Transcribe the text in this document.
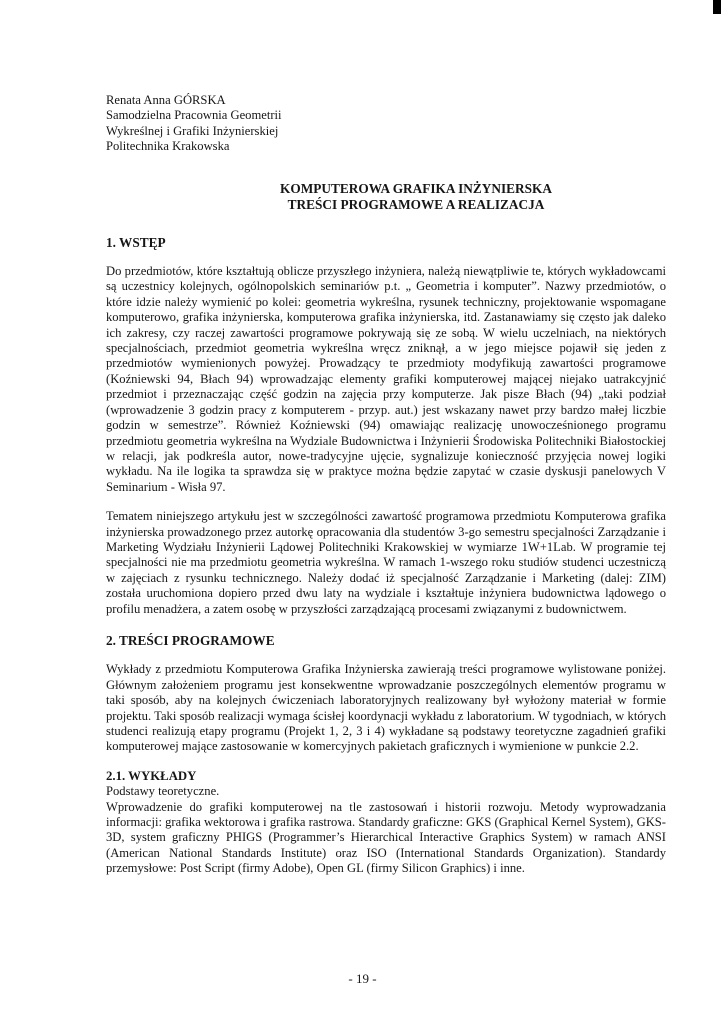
Renata Anna GÓRSKA
Samodzielna Pracownia Geometrii
Wykreślnej i Grafiki Inżynierskiej
Politechnika Krakowska
KOMPUTEROWA GRAFIKA INŻYNIERSKA
TREŚCI PROGRAMOWE A REALIZACJA
1. WSTĘP

Do przedmiotów, które kształtują oblicze przyszłego inżyniera, należą niewątpliwie te, których wykładowcami są uczestnicy kolejnych, ogólnopolskich seminariów p.t. „ Geometria i komputer”. Nazwy przedmiotów, o które idzie należy wymienić po kolei: geometria wykreślna, rysunek techniczny, projektowanie wspomagane komputerowo, grafika inżynierska, komputerowa grafika inżynierska, itd. Zastanawiamy się często jak daleko ich zakresy, czy raczej zawartości programowe pokrywają się ze sobą. W wielu uczelniach, na niektórych specjalnościach, przedmiot geometria wykreślna wręcz zniknął, a w jego miejsce pojawił się jeden z przedmiotów wymienionych powyżej. Prowadzący te przedmioty modyfikują zawartości programowe (Koźniewski 94, Błach 94) wprowadzając elementy grafiki komputerowej mającej niejako uatrakcyjnić przedmiot i przeznaczając część godzin na zajęcia przy komputerze. Jak pisze Błach (94) „taki podział (wprowadzenie 3 godzin pracy z komputerem - przyp. aut.) jest wskazany nawet przy bardzo małej liczbie godzin w semestrze”. Również Koźniewski (94) omawiając realizację unowocześnionego programu przedmiotu geometria wykreślna na Wydziale Budownictwa i Inżynierii Środowiska Politechniki Białostockiej w relacji, jak podkreśla autor, nowe-tradycyjne ujęcie, sygnalizuje konieczność przyjęcia nowej logiki wykładu. Na ile logika ta sprawdza się w praktyce można będzie zapytać w czasie dyskusji panelowych V Seminarium - Wisła 97.

Tematem niniejszego artykułu jest w szczególności zawartość programowa przedmiotu Komputerowa grafika inżynierska prowadzonego przez autorkę opracowania dla studentów 3-go semestru specjalności Zarządzanie i Marketing Wydziału Inżynierii Lądowej Politechniki Krakowskiej w wymiarze 1W+1Lab. W programie tej specjalności nie ma przedmiotu geometria wykreślna. W ramach 1-wszego roku studiów studenci uczestniczą w zajęciach z rysunku technicznego. Należy dodać iż specjalność Zarządzanie i Marketing (dalej: ZIM) została uruchomiona dopiero przed dwu laty na wydziale i kształtuje inżyniera budownictwa lądowego o profilu menadżera, a zatem osobę w przyszłości zarządzającą procesami związanymi z budownictwem.

2. TREŚCI PROGRAMOWE

Wykłady z przedmiotu Komputerowa Grafika Inżynierska zawierają treści programowe wylistowane poniżej. Głównym założeniem programu jest konsekwentne wprowadzanie poszczególnych elementów programu w taki sposób, aby na kolejnych ćwiczeniach laboratoryjnych realizowany był wyłożony materiał w formie projektu. Taki sposób realizacji wymaga ścisłej koordynacji wykładu z laboratorium. W tygodniach, w których studenci realizują etapy programu (Projekt 1, 2, 3 i 4) wykładane są podstawy teoretyczne zagadnień grafiki komputerowej mające zastosowanie w komercyjnych pakietach graficznych i wymienione w punkcie 2.2.

2.1. WYKŁADY
Podstawy teoretyczne.

Wprowadzenie do grafiki komputerowej na tle zastosowań i historii rozwoju. Metody wyprowadzania informacji: grafika wektorowa i grafika rastrowa. Standardy graficzne: GKS (Graphical Kernel System), GKS-3D, system graficzny PHIGS (Programmer’s Hierarchical Interactive Graphics System) w ramach ANSI (American National Standards Institute) oraz ISO (International Standards Organization). Standardy przemysłowe: Post Script (firmy Adobe), Open GL (firmy Silicon Graphics) i inne.

- 19 -
